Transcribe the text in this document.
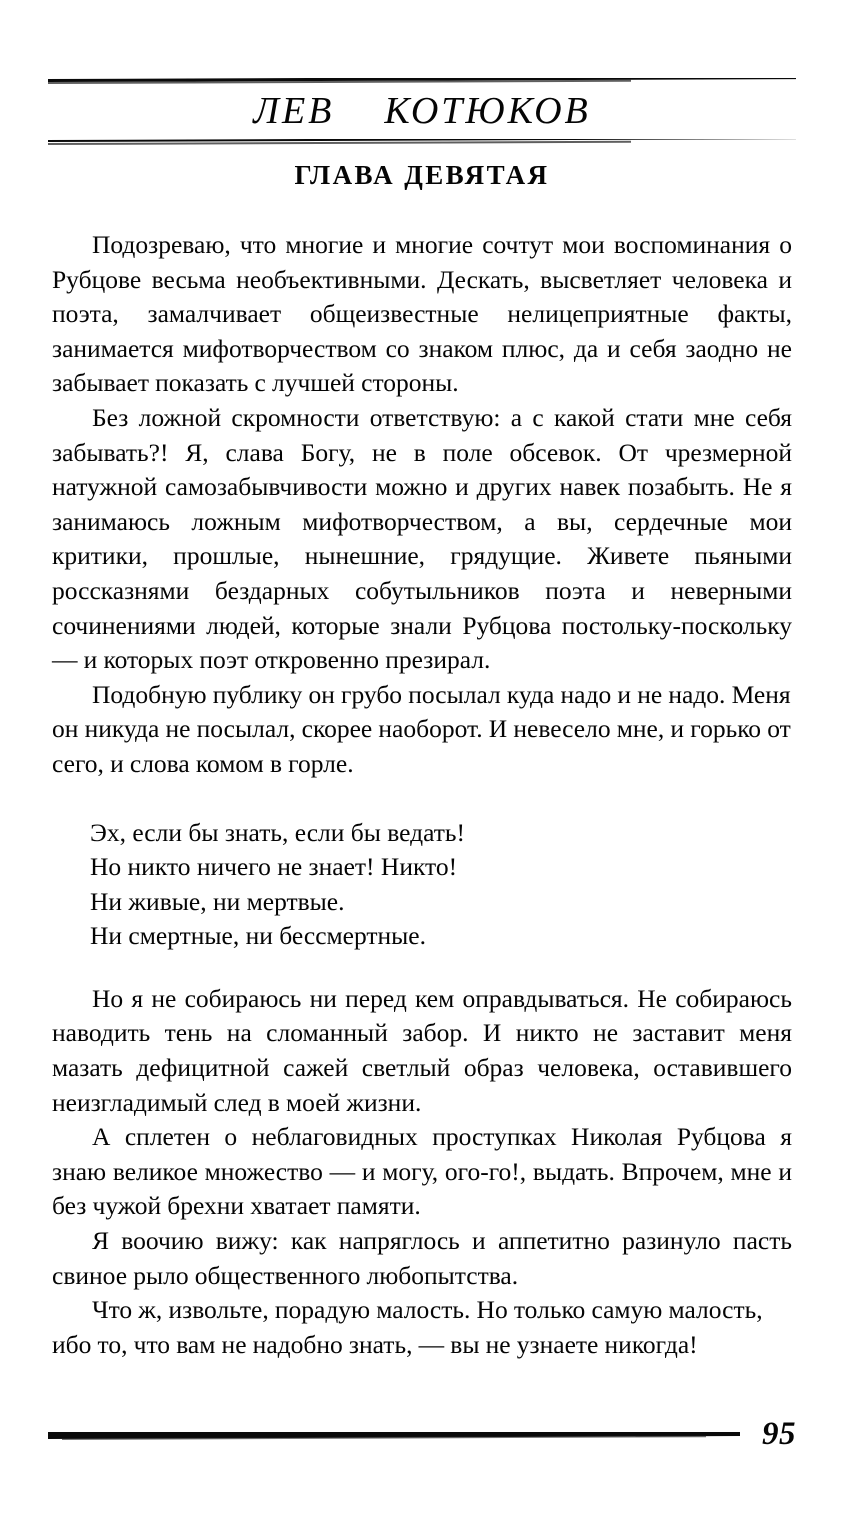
ЛЕВ    КОТЮКОВ
ГЛАВА ДЕВЯТАЯ

Подозреваю, что многие и многие сочтут мои воспоминания о Рубцове весьма необъективными. Дескать, высветляет человека и поэта, замалчивает общеизвестные нелицеприятные факты, занимается мифотворчеством со знаком плюс, да и себя заодно не забывает показать с лучшей стороны.

Без ложной скромности ответствую: а с какой стати мне себя забывать?! Я, слава Богу, не в поле обсевок. От чрезмерной натужной самозабывчивости можно и других навек позабыть. Не я занимаюсь ложным мифотворчеством, а вы, сердечные мои критики, прошлые, нынешние, грядущие. Живете пьяными россказнями бездарных собутыльников поэта и неверными сочинениями людей, которые знали Рубцова постольку-поскольку — и которых поэт откровенно презирал.

Подобную публику он грубо посылал куда надо и не надо. Меня он никуда не посылал, скорее наоборот. И невесело мне, и горько от сего, и слова комом в горле.

Эх, если бы знать, если бы ведать!
Но никто ничего не знает! Никто!
Ни живые, ни мертвые.
Ни смертные, ни бессмертные.

Но я не собираюсь ни перед кем оправдываться. Не собираюсь наводить тень на сломанный забор. И никто не заставит меня мазать дефицитной сажей светлый образ человека, оставившего неизгладимый след в моей жизни.

А сплетен о неблаговидных проступках Николая Рубцова я знаю великое множество — и могу, ого-го!, выдать. Впрочем, мне и без чужой брехни хватает памяти.

Я воочию вижу: как напряглось и аппетитно разинуло пасть свиное рыло общественного любопытства.

Что ж, извольте, порадую малость. Но только самую малость, ибо то, что вам не надобно знать, — вы не узнаете никогда!

95
